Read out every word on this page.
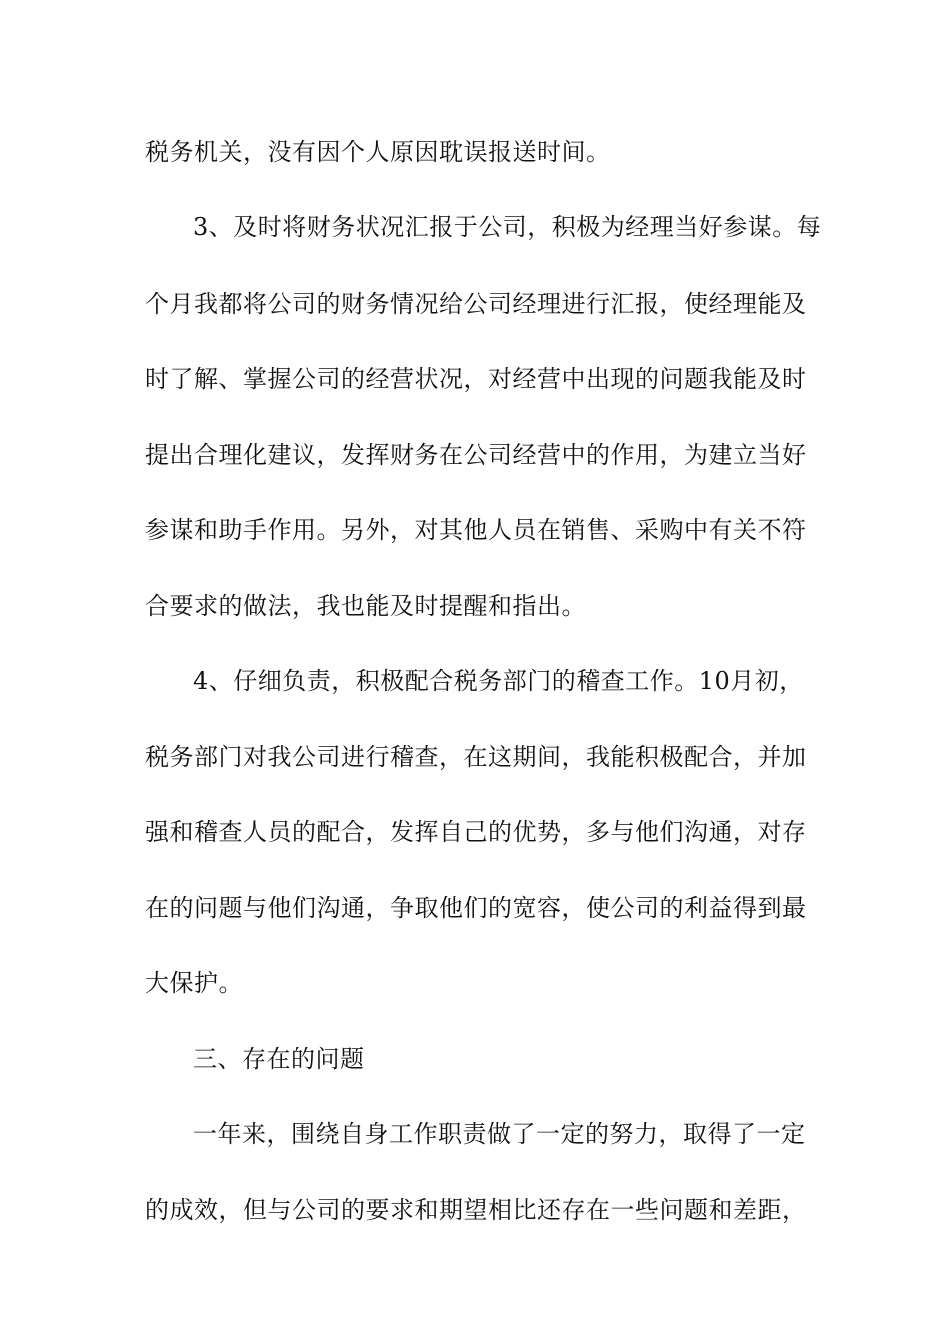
税务机关，没有因个人原因耽误报送时间。
3、及时将财务状况汇报于公司，积极为经理当好参谋。每
个月我都将公司的财务情况给公司经理进行汇报，使经理能及
时了解、掌握公司的经营状况，对经营中出现的问题我能及时
提出合理化建议，发挥财务在公司经营中的作用，为建立当好
参谋和助手作用。另外，对其他人员在销售、采购中有关不符
合要求的做法，我也能及时提醒和指出。
4、仔细负责，积极配合税务部门的稽查工作。10月初，
税务部门对我公司进行稽查，在这期间，我能积极配合，并加
强和稽查人员的配合，发挥自己的优势，多与他们沟通，对存
在的问题与他们沟通，争取他们的宽容，使公司的利益得到最
大保护。
三、存在的问题
一年来，围绕自身工作职责做了一定的努力，取得了一定
的成效，但与公司的要求和期望相比还存在一些问题和差距，
